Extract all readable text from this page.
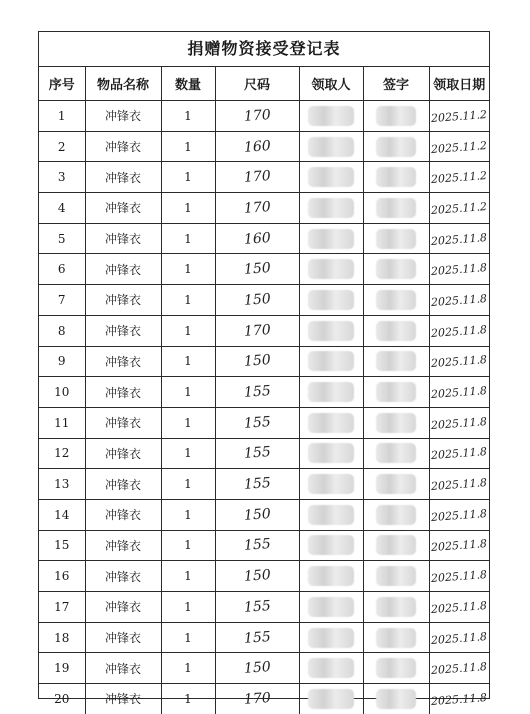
捐赠物资接受登记表
序号	物品名称	数量	尺码	领取人	签字	领取日期
1	冲锋衣	1	170			2025.11.2
2	冲锋衣	1	160			2025.11.2
3	冲锋衣	1	170			2025.11.2
4	冲锋衣	1	170			2025.11.2
5	冲锋衣	1	160			2025.11.8
6	冲锋衣	1	150			2025.11.8
7	冲锋衣	1	150			2025.11.8
8	冲锋衣	1	170			2025.11.8
9	冲锋衣	1	150			2025.11.8
10	冲锋衣	1	155			2025.11.8
11	冲锋衣	1	155			2025.11.8
12	冲锋衣	1	155			2025.11.8
13	冲锋衣	1	155			2025.11.8
14	冲锋衣	1	150			2025.11.8
15	冲锋衣	1	155			2025.11.8
16	冲锋衣	1	150			2025.11.8
17	冲锋衣	1	155			2025.11.8
18	冲锋衣	1	155			2025.11.8
19	冲锋衣	1	150			2025.11.8
20	冲锋衣	1	170			2025.11.8
